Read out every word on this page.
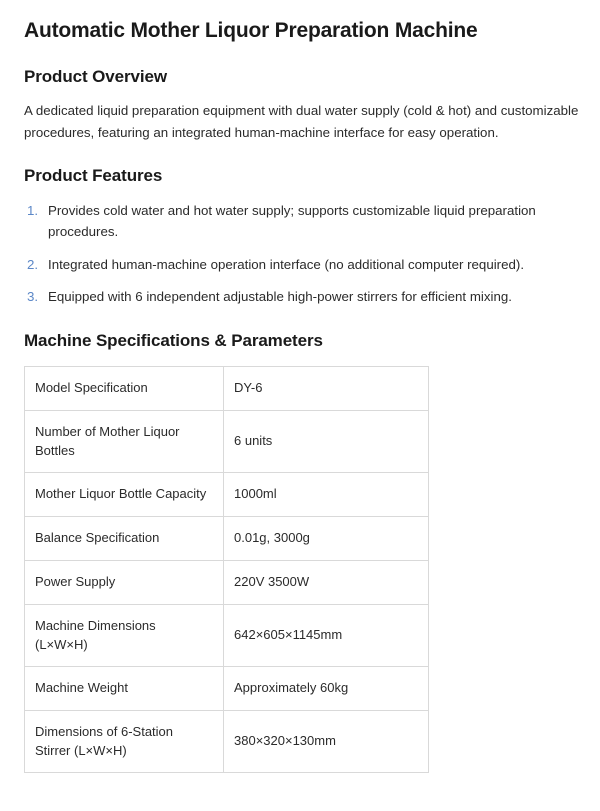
Automatic Mother Liquor Preparation Machine
Product Overview

A dedicated liquid preparation equipment with dual water supply (cold & hot) and customizable procedures, featuring an integrated human-machine interface for easy operation.

Product Features
Provides cold water and hot water supply; supports customizable liquid preparation procedures.
Integrated human-machine operation interface (no additional computer required).
Equipped with 6 independent adjustable high-power stirrers for efficient mixing.
Machine Specifications & Parameters
Model Specification	DY-6
Number of Mother Liquor Bottles	6 units
Mother Liquor Bottle Capacity	1000ml
Balance Specification	0.01g, 3000g
Power Supply	220V 3500W
Machine Dimensions (L×W×H)	642×605×1145mm
Machine Weight	Approximately 60kg
Dimensions of 6-Station Stirrer (L×W×H)	380×320×130mm
